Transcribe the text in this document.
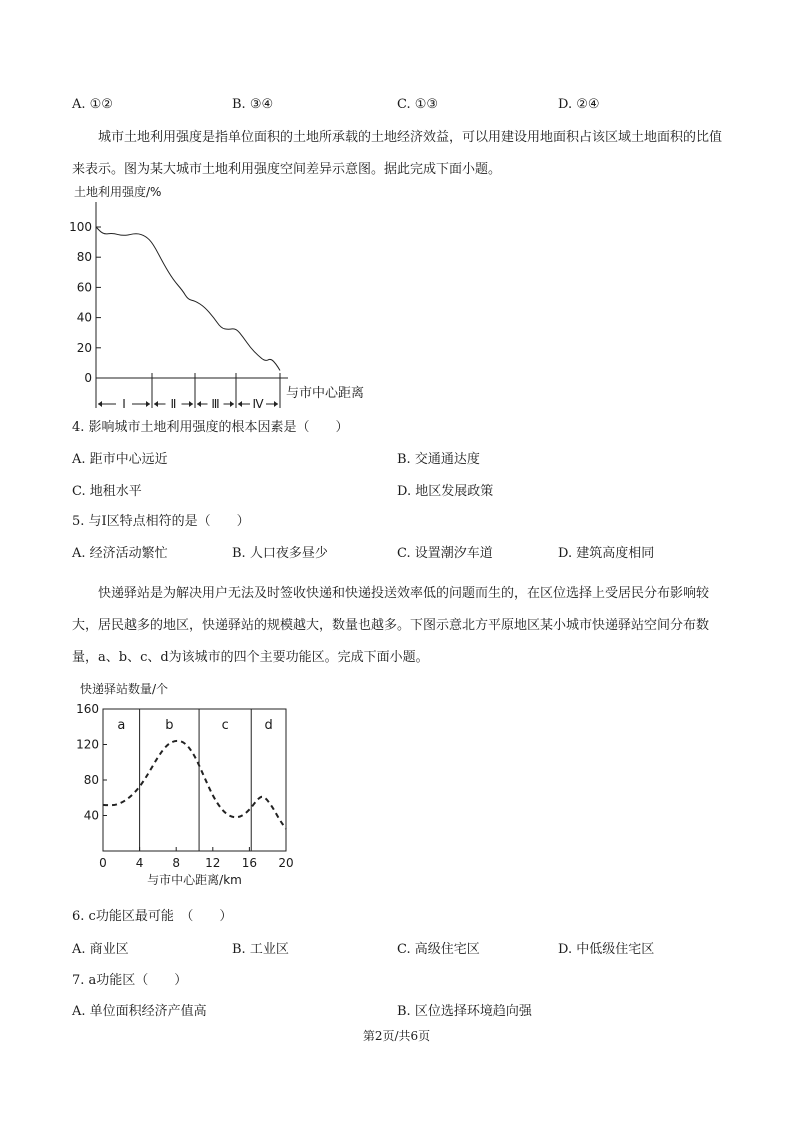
A. ①②	B. ③④	C. ①③	D. ②④
城市土地利用强度是指单位面积的土地所承载的土地经济效益，可以用建设用地面积占该区域土地面积的比值来表示。图为某大城市土地利用强度空间差异示意图。据此完成下面小题。
土地利用强度/%
与市中心距离
0
20
40
60
80
100
Ⅰ	Ⅱ	Ⅲ	Ⅳ
4. 影响城市土地利用强度的根本因素是（　　）
A. 距市中心远近	B. 交通通达度
C. 地租水平	D. 地区发展政策
5. 与Ⅰ区特点相符的是（　　）
A. 经济活动繁忙	B. 人口夜多昼少	C. 设置潮汐车道	D. 建筑高度相同
快递驿站是为解决用户无法及时签收快递和快递投送效率低的问题而生的，在区位选择上受居民分布影响较大，居民越多的地区，快递驿站的规模越大，数量也越多。下图示意北方平原地区某小城市快递驿站空间分布数量，a、b、c、d为该城市的四个主要功能区。完成下面小题。
快递驿站数量/个
40
80
120
160
0 4 8 12 16 20
与市中心距离/km
a	b	c	d
6. c功能区最可能　（　　）
A. 商业区	B. 工业区	C. 高级住宅区	D. 中低级住宅区
7. a功能区（　　）
A. 单位面积经济产值高	B. 区位选择环境趋向强
第2页/共6页
